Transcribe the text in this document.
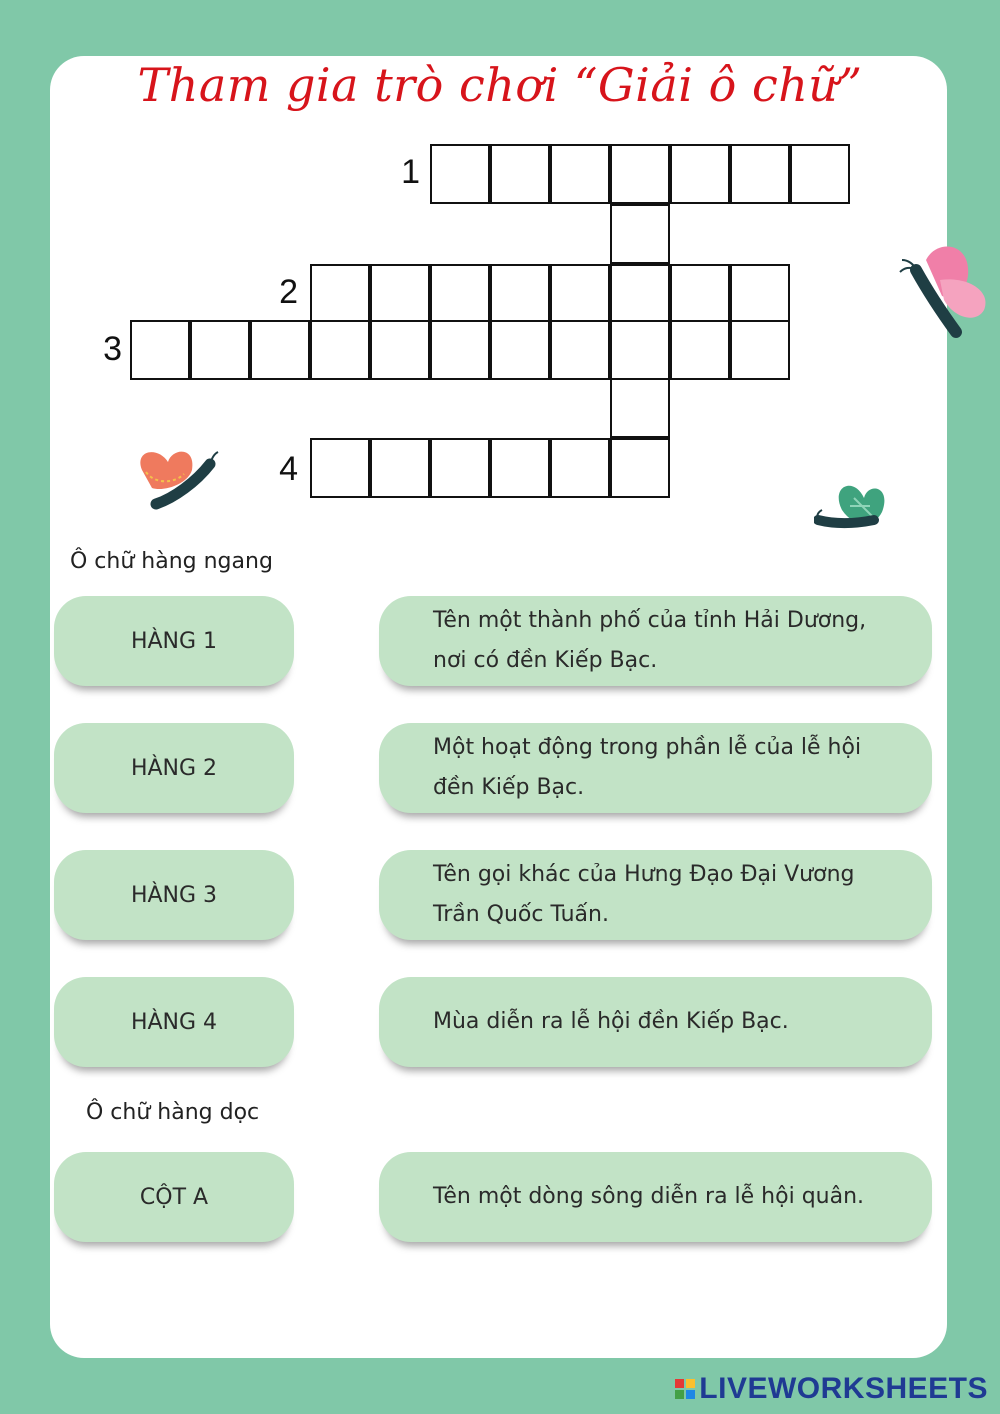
Tham gia trò chơi “Giải ô chữ”
1
2
3
4
Ô chữ hàng ngang
Ô chữ hàng dọc
HÀNG 1
Tên một thành phố của tỉnh Hải Dương, nơi có đền Kiếp Bạc.
HÀNG 2
Một hoạt động trong phần lễ của lễ hội đền Kiếp Bạc.
HÀNG 3
Tên gọi khác của Hưng Đạo Đại Vương Trần Quốc Tuấn.
HÀNG 4	Mùa diễn ra lễ hội đền Kiếp Bạc.
CỘT A	Tên một dòng sông diễn ra lễ hội quân.
LIVEWORKSHEETS
